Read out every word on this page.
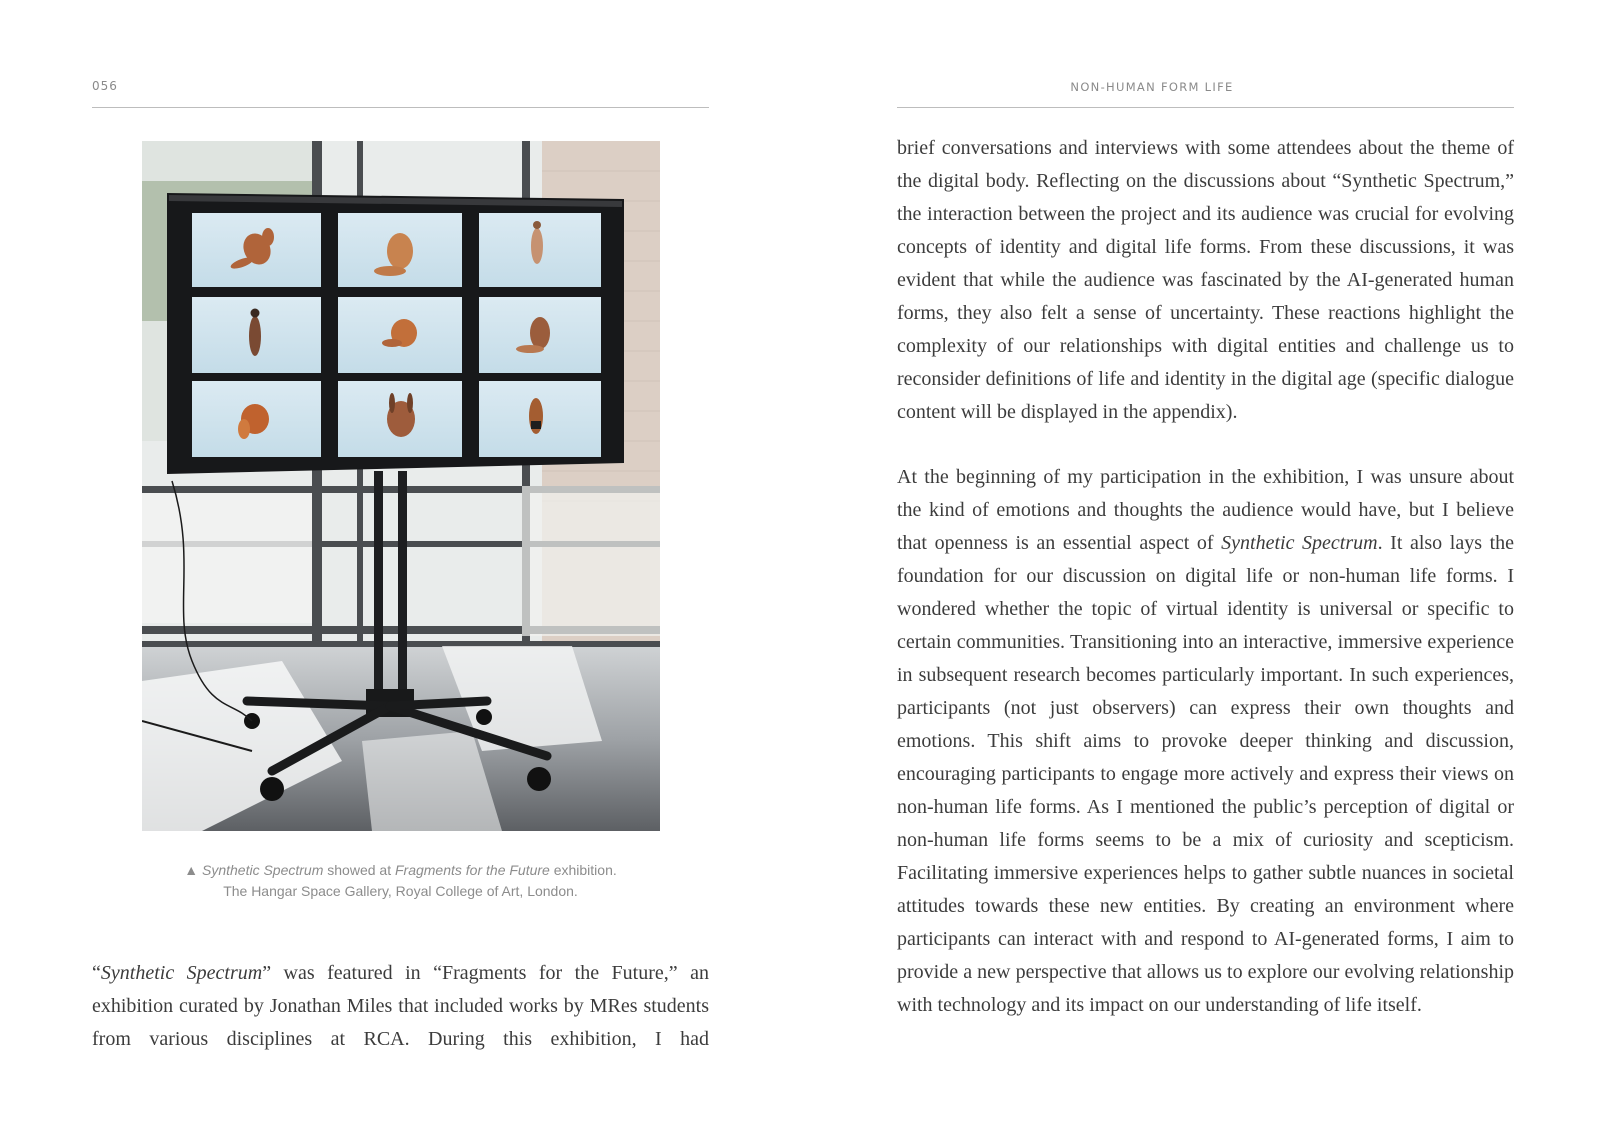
056
▲ Synthetic Spectrum showed at Fragments for the Future exhibition.
The Hangar Space Gallery, Royal College of Art, London.

“Synthetic Spectrum” was featured in “Fragments for the Future,” an exhibition curated by Jonathan Miles that included works by MRes students from various disciplines at RCA. During this exhibition, I had

NON-HUMAN FORM LIFE

brief conversations and interviews with some attendees about the theme of the digital body. Reflecting on the discussions about “Synthetic Spectrum,” the interaction between the project and its audience was crucial for evolving concepts of identity and digital life forms. From these discussions, it was evident that while the audience was fascinated by the AI-generated human forms, they also felt a sense of uncertainty. These reactions highlight the complexity of our relationships with digital entities and challenge us to reconsider definitions of life and identity in the digital age (specific dialogue content will be displayed in the appendix).

At the beginning of my participation in the exhibition, I was unsure about the kind of emotions and thoughts the audience would have, but I believe that openness is an essential aspect of Synthetic Spectrum. It also lays the foundation for our discussion on digital life or non-human life forms. I wondered whether the topic of virtual identity is universal or specific to certain communities. Transitioning into an interactive, immersive experience in subsequent research becomes particularly important. In such experiences, participants (not just observers) can express their own thoughts and emotions. This shift aims to provoke deeper thinking and discussion, encouraging participants to engage more actively and express their views on non-human life forms. As I mentioned the public’s perception of digital or non-human life forms seems to be a mix of curiosity and scepticism. Facilitating immersive experiences helps to gather subtle nuances in societal attitudes towards these new entities. By creating an environment where participants can interact with and respond to AI-generated forms, I aim to provide a new perspective that allows us to explore our evolving relationship with technology and its impact on our understanding of life itself.
